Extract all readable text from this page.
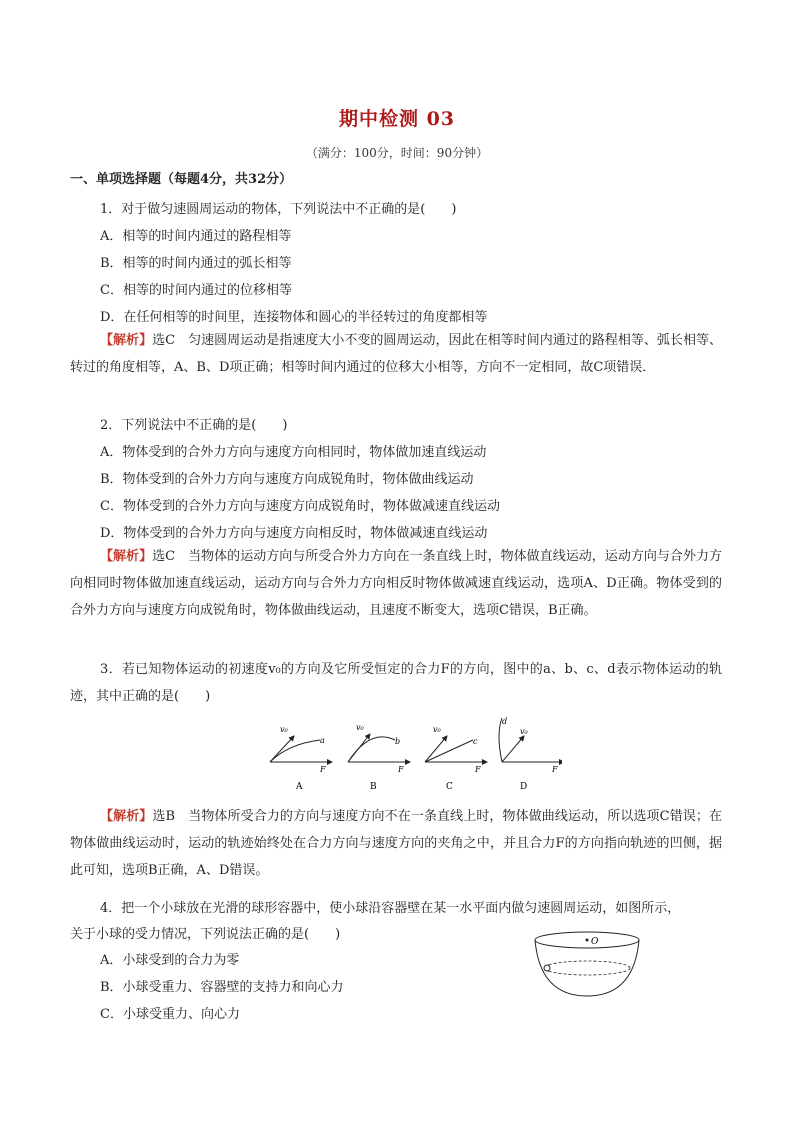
期中检测 03
（满分：100分，时间：90分钟）
一、单项选择题（每题4分，共32分）
1．对于做匀速圆周运动的物体，下列说法中不正确的是(　　)
A．相等的时间内通过的路程相等
B．相等的时间内通过的弧长相等
C．相等的时间内通过的位移相等
D．在任何相等的时间里，连接物体和圆心的半径转过的角度都相等
【解析】选C　匀速圆周运动是指速度大小不变的圆周运动，因此在相等时间内通过的路程相等、弧长相等、转过的角度相等，A、B、D项正确；相等时间内通过的位移大小相等，方向不一定相同，故C项错误．
2．下列说法中不正确的是(　　)
A．物体受到的合外力方向与速度方向相同时，物体做加速直线运动
B．物体受到的合外力方向与速度方向成锐角时，物体做曲线运动
C．物体受到的合外力方向与速度方向成锐角时，物体做减速直线运动
D．物体受到的合外力方向与速度方向相反时，物体做减速直线运动
【解析】选C　当物体的运动方向与所受合外力方向在一条直线上时，物体做直线运动，运动方向与合外力方向相同时物体做加速直线运动，运动方向与合外力方向相反时物体做减速直线运动，选项A、D正确。物体受到的合外力方向与速度方向成锐角时，物体做曲线运动，且速度不断变大，选项C错误，B正确。
3．若已知物体运动的初速度v₀的方向及它所受恒定的合力F的方向，图中的a、b、c、d表示物体运动的轨迹，其中正确的是(　　)
v₀
a
F
A
v₀
b
F
B
v₀
c
F
C
d
v₀
F
D
【解析】选B　当物体所受合力的方向与速度方向不在一条直线上时，物体做曲线运动，所以选项C错误；在物体做曲线运动时，运动的轨迹始终处在合力方向与速度方向的夹角之中，并且合力F的方向指向轨迹的凹侧，据此可知，选项B正确，A、D错误。
4．把一个小球放在光滑的球形容器中，使小球沿容器壁在某一水平面内做匀速圆周运动，如图所示，
关于小球的受力情况，下列说法正确的是(　　)
A．小球受到的合力为零
B．小球受重力、容器壁的支持力和向心力
C．小球受重力、向心力
O
